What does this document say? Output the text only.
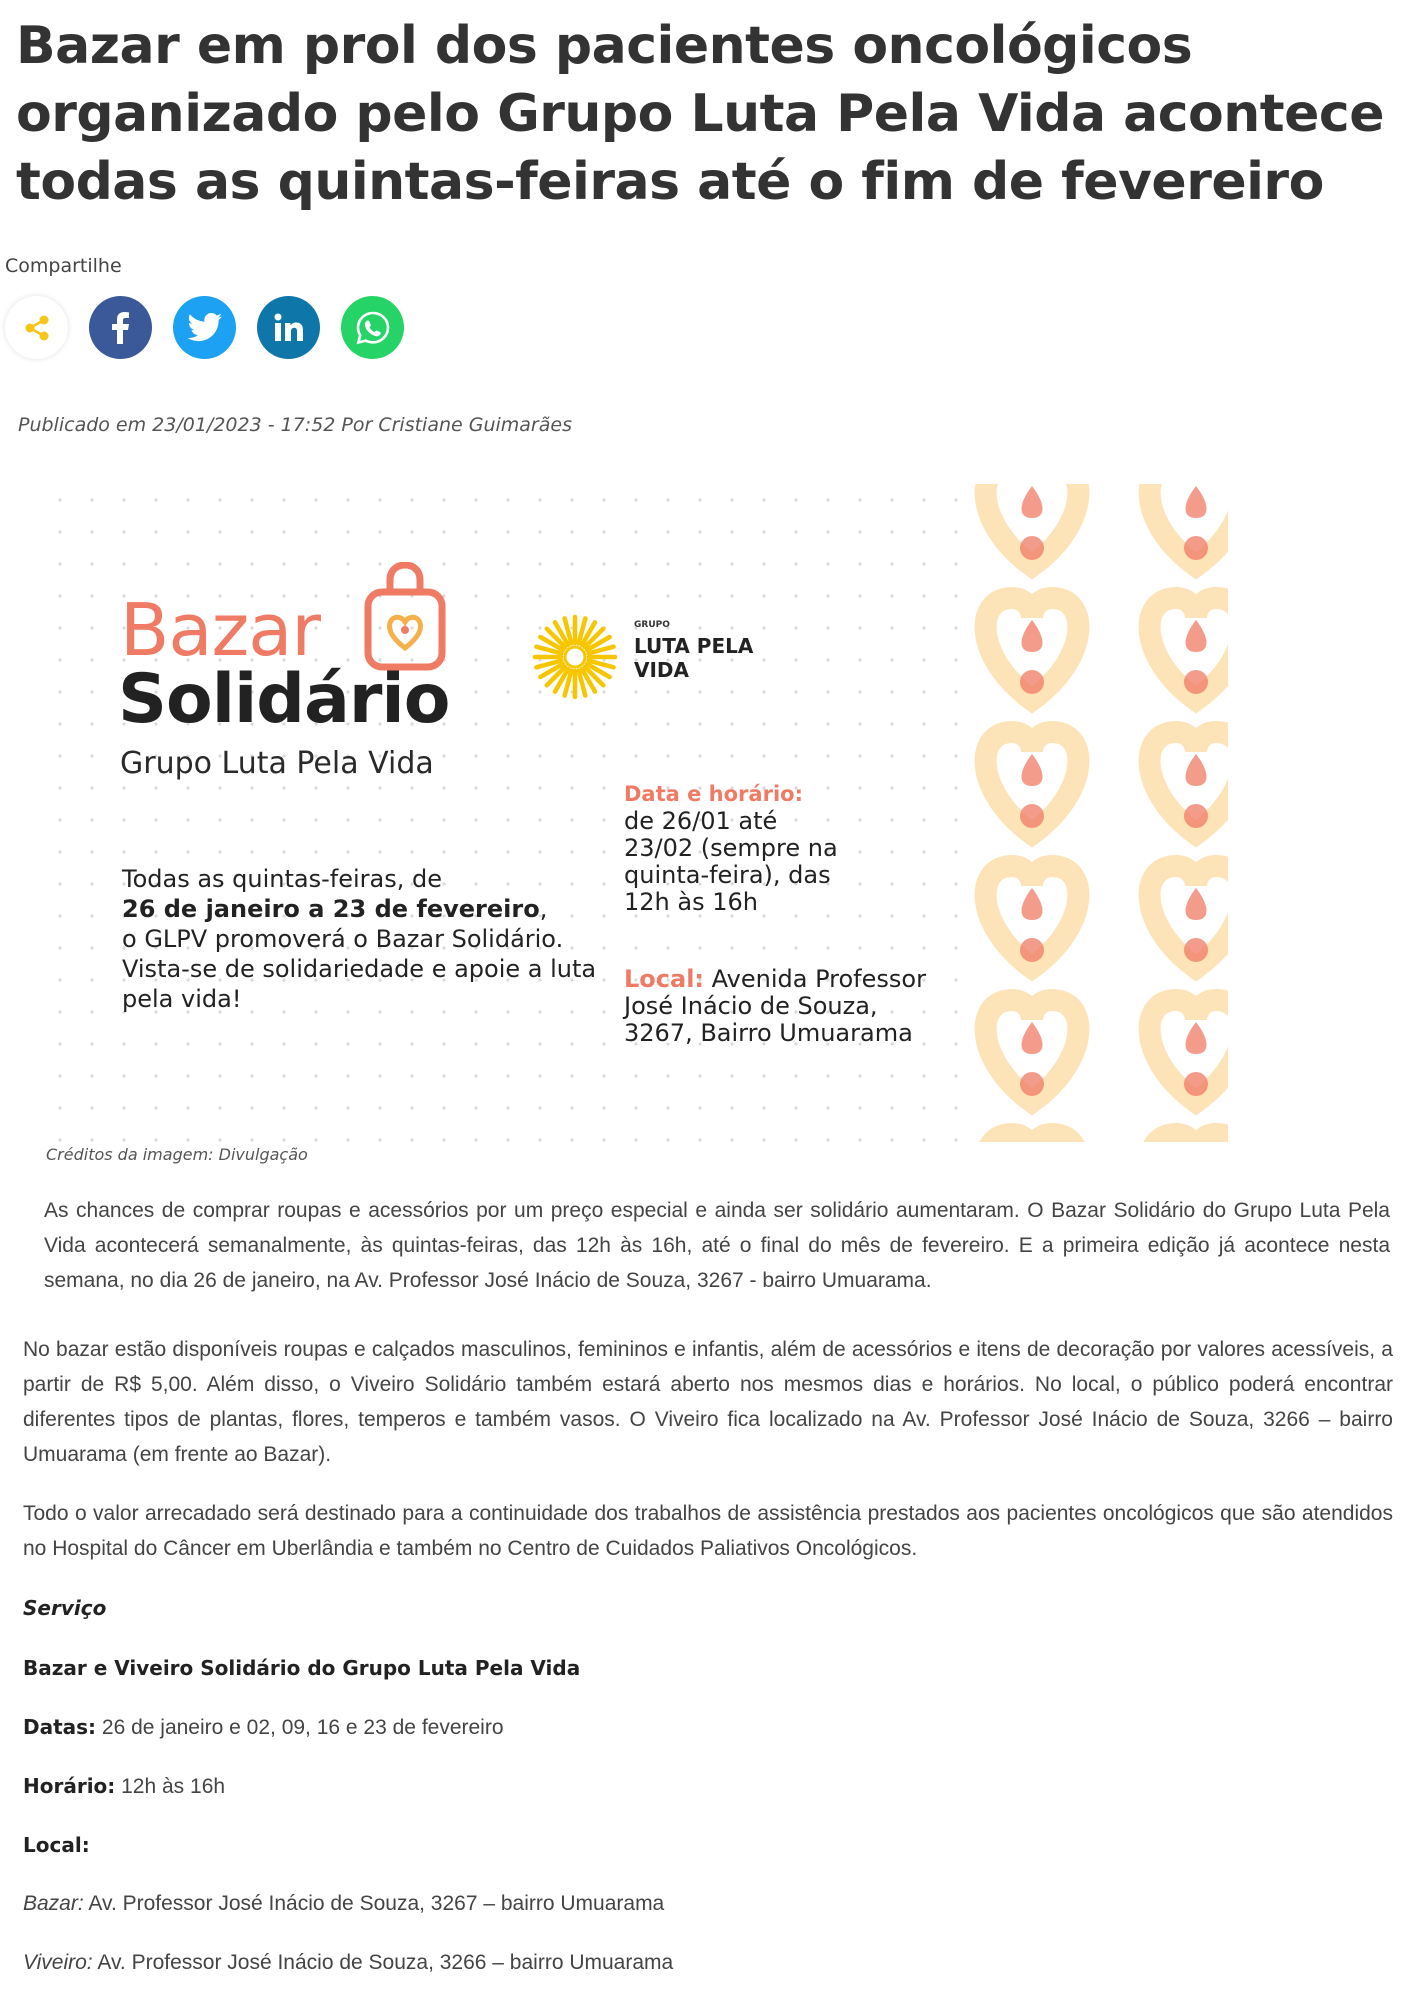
Bazar em prol dos pacientes oncológicos organizado pelo Grupo Luta Pela Vida acontece todas as quintas-feiras até o fim de fevereiro
Compartilhe
Publicado em 23/01/2023 - 17:52 Por Cristiane Guimarães
Bazar
Solidário
Grupo Luta Pela Vida
Todas as quintas-feiras, de
26 de janeiro a 23 de fevereiro,
o GLPV promoverá o Bazar Solidário. Vista-se de solidariedade e apoie a luta pela vida!
GRUPO
LUTA PELA VIDA
Data e horário:
de 26/01 até 23/02 (sempre na quinta-feira), das 12h às 16h
Local: Avenida Professor José Inácio de Souza, 3267, Bairro Umuarama
Créditos da imagem: Divulgação

As chances de comprar roupas e acessórios por um preço especial e ainda ser solidário aumentaram. O Bazar Solidário do Grupo Luta Pela Vida acontecerá semanalmente, às quintas-feiras, das 12h às 16h, até o final do mês de fevereiro. E a primeira edição já acontece nesta semana, no dia 26 de janeiro, na Av. Professor José Inácio de Souza, 3267 - bairro Umuarama.

No bazar estão disponíveis roupas e calçados masculinos, femininos e infantis, além de acessórios e itens de decoração por valores acessíveis, a partir de R$ 5,00. Além disso, o Viveiro Solidário também estará aberto nos mesmos dias e horários. No local, o público poderá encontrar diferentes tipos de plantas, flores, temperos e também vasos. O Viveiro fica localizado na Av. Professor José Inácio de Souza, 3266 – bairro Umuarama (em frente ao Bazar).

Todo o valor arrecadado será destinado para a continuidade dos trabalhos de assistência prestados aos pacientes oncológicos que são atendidos no Hospital do Câncer em Uberlândia e também no Centro de Cuidados Paliativos Oncológicos.

Serviço
Bazar e Viveiro Solidário do Grupo Luta Pela Vida
Datas: 26 de janeiro e 02, 09, 16 e 23 de fevereiro
Horário: 12h às 16h
Local:
Bazar: Av. Professor José Inácio de Souza, 3267 – bairro Umuarama
Viveiro: Av. Professor José Inácio de Souza, 3266 – bairro Umuarama
